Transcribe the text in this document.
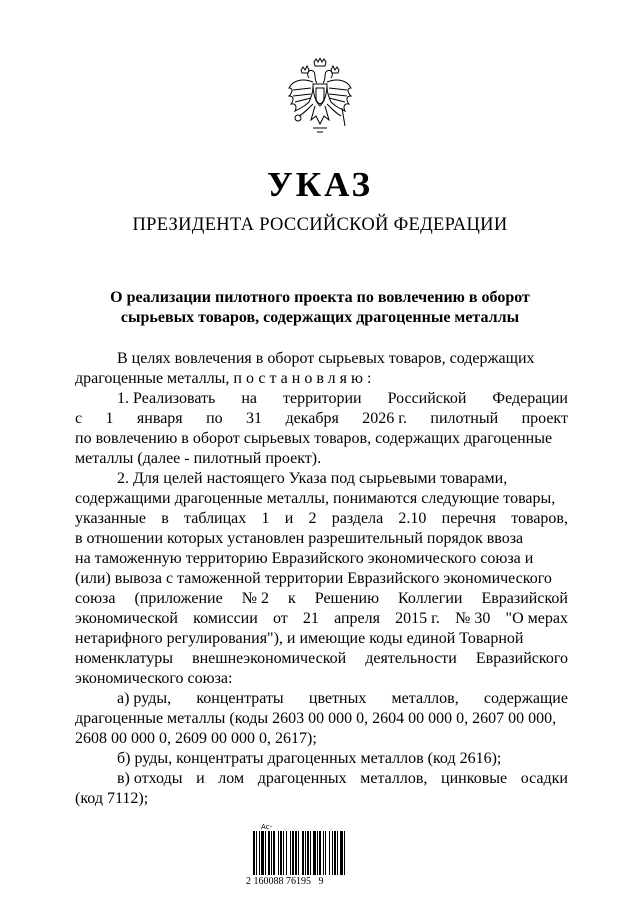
УКАЗ
ПРЕЗИДЕНТА РОССИЙСКОЙ ФЕДЕРАЦИИ
О реализации пилотного проекта по вовлечению в оборот
сырьевых товаров, содержащих драгоценные металлы
В целях вовлечения в оборот сырьевых товаров, содержащих
драгоценные металлы, постановляю:
1. Реализовать на территории Российской Федерации
с 1 января по 31 декабря 2026 г. пилотный проект
по вовлечению в оборот сырьевых товаров, содержащих драгоценные
металлы (далее - пилотный проект).
2. Для целей настоящего Указа под сырьевыми товарами,
содержащими драгоценные металлы, понимаются следующие товары,
указанные в таблицах 1 и 2 раздела 2.10 перечня товаров,
в отношении которых установлен разрешительный порядок ввоза
на таможенную территорию Евразийского экономического союза и
(или) вывоза с таможенной территории Евразийского экономического
союза (приложение № 2 к Решению Коллегии Евразийской
экономической комиссии от 21 апреля 2015 г. № 30 "О мерах
нетарифного регулирования"), и имеющие коды единой Товарной
номенклатуры внешнеэкономической деятельности Евразийского
экономического союза:
а) руды, концентраты цветных металлов, содержащие
драгоценные металлы (коды 2603 00 000 0, 2604 00 000 0, 2607 00 000,
2608 00 000 0, 2609 00 000 0, 2617);
б) руды, концентраты драгоценных металлов (код 2616);
в) отходы и лом драгоценных металлов, цинковые осадки
(код 7112);
Ас-
2 160088 76195   9
